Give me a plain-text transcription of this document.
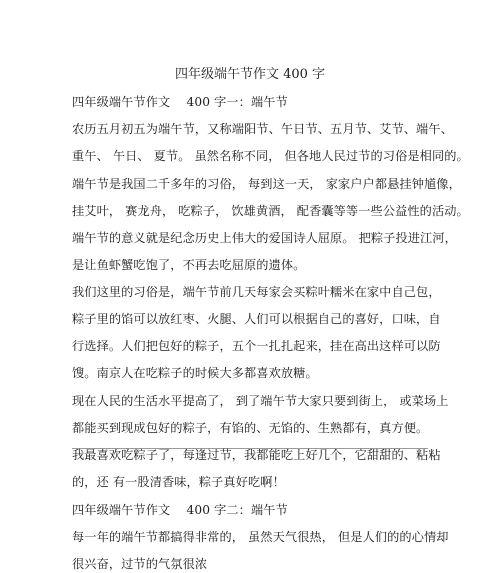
四年级端午节作文 400 字
四年级端午节作文　 400 字一：端午节
农历五月初五为端午节，又称端阳节、午日节、五月节、艾节、端午、
重午、 午日、 夏节。 虽然名称不同， 但各地人民过节的习俗是相同的。
端午节是我国二千多年的习俗， 每到这一天， 家家户户都悬挂钟馗像，
挂艾叶， 赛龙舟， 吃粽子， 饮雄黄酒， 配香囊等等一些公益性的活动。
端午节的意义就是纪念历史上伟大的爱国诗人屈原。 把粽子投进江河，
是让鱼虾蟹吃饱了，不再去吃屈原的遗体。
我们这里的习俗是，端午节前几天每家会买粽叶糯米在家中自己包，
粽子里的馅可以放红枣、火腿、人们可以根据自己的喜好，口味，自
行选择。人们把包好的粽子，五个一扎扎起来，挂在高出这样可以防
馊。南京人在吃粽子的时候大多都喜欢放糖。
现在人民的生活水平提高了， 到了端午节大家只要到街上， 或菜场上
都能买到现成包好的粽子，有馅的、无馅的、生熟都有，真方便。
我最喜欢吃粽子了，每逢过节，我都能吃上好几个，它甜甜的、粘粘
的，还 有一股清香味，粽子真好吃啊！
四年级端午节作文　 400 字二：端午节
每一年的端午节都搞得非常的， 虽然天气很热， 但是人们的的心情却
很兴奋，过节的气氛很浓
